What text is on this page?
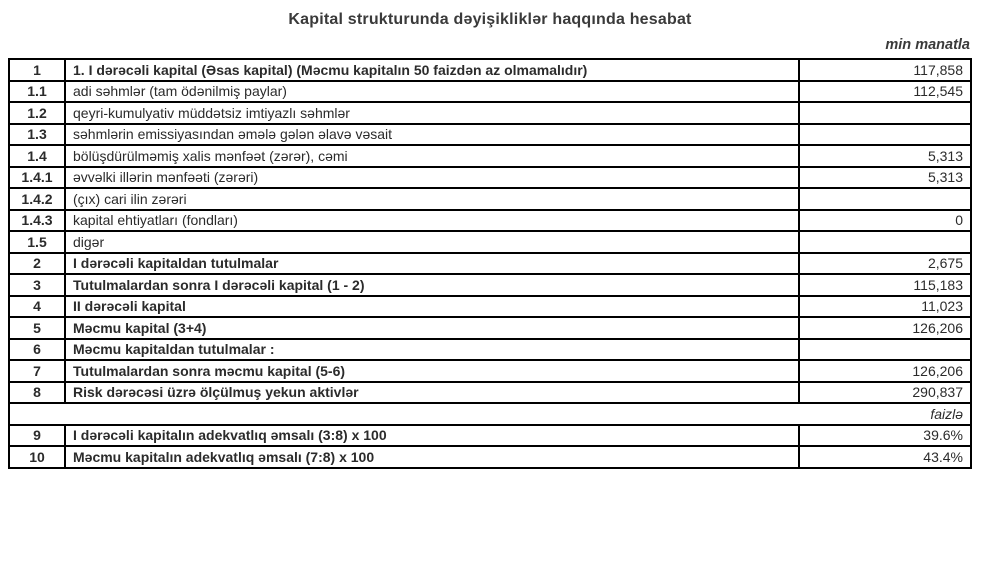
Kapital strukturunda dəyişikliklər haqqında hesabat
min manatla
1	1. I dərəcəli kapital (Əsas kapital) (Məcmu kapitalın 50 faizdən az olmamalıdır)	117,858
1.1	adi səhmlər (tam ödənilmiş paylar)	112,545
1.2	qeyri-kumulyativ müddətsiz imtiyazlı səhmlər	
1.3	səhmlərin emissiyasından əmələ gələn əlavə vəsait	
1.4	bölüşdürülməmiş xalis mənfəət (zərər), cəmi	5,313
1.4.1	əvvəlki illərin mənfəəti (zərəri)	5,313
1.4.2	(çıx) cari ilin zərəri	
1.4.3	kapital ehtiyatları (fondları)	0
1.5	digər	
2	I dərəcəli kapitaldan tutulmalar	2,675
3	Tutulmalardan sonra I dərəcəli kapital (1 - 2)	115,183
4	II dərəcəli kapital	11,023
5	Məcmu kapital (3+4)	126,206
6	Məcmu kapitaldan tutulmalar :	
7	Tutulmalardan sonra məcmu kapital (5-6)	126,206
8	Risk dərəcəsi üzrə ölçülmuş yekun aktivlər	290,837
faizlə		
9	I dərəcəli kapitalın adekvatlıq əmsalı (3:8) x 100	39.6%
10	Məcmu kapitalın adekvatlıq əmsalı (7:8) x 100	43.4%
